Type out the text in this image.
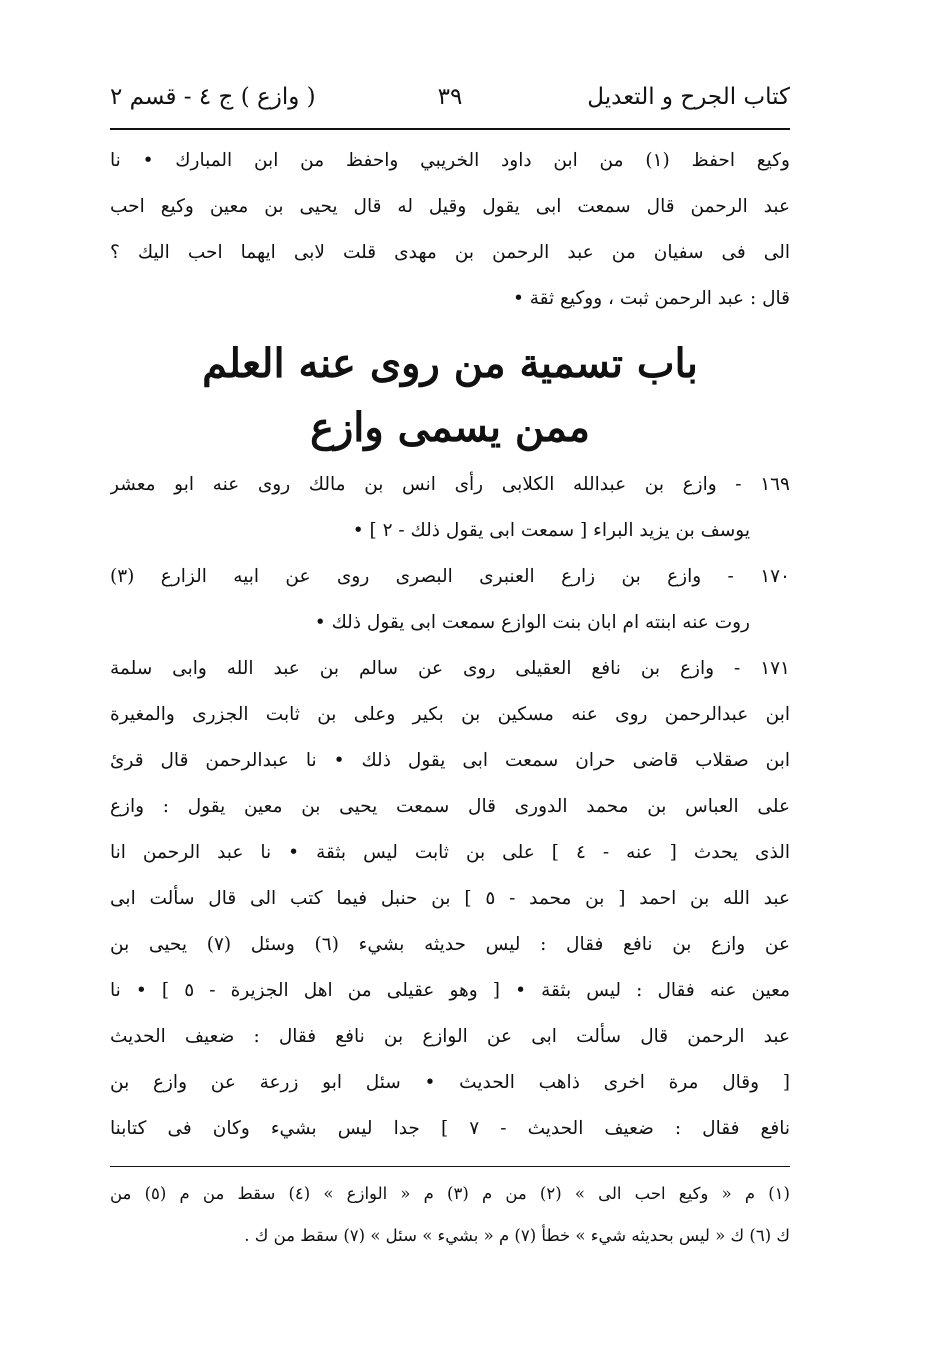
كتاب الجرح و التعديل
٣٩
( وازع ) ج ٤ - قسم ٢
وكيع احفظ (١) من ابن داود الخريبي واحفظ من ابن المبارك • نا
عبد الرحمن قال سمعت ابى يقول وقيل له قال يحيى بن معين وكيع احب
الى فى سفيان من عبد الرحمن بن مهدى قلت لابى ايهما احب اليك ؟
قال : عبد الرحمن ثبت ، ووكيع ثقة •
باب تسمية من روى عنه العلم
ممن يسمى وازع
١٦٩ - وازع بن عبدالله الكلابى رأى انس بن مالك روى عنه ابو معشر
يوسف بن يزيد البراء [ سمعت ابى يقول ذلك - ٢ ] •
١٧٠ - وازع بن زارع العنبرى البصرى روى عن ابيه الزارع (٣)
روت عنه ابنته ام ابان بنت الوازع سمعت ابى يقول ذلك •
١٧١ - وازع بن نافع العقيلى روى عن سالم بن عبد الله وابى سلمة
ابن عبدالرحمن روى عنه مسكين بن بكير وعلى بن ثابت الجزرى والمغيرة
ابن صقلاب قاضى حران سمعت ابى يقول ذلك • نا عبدالرحمن قال قرئ
على العباس بن محمد الدورى قال سمعت يحيى بن معين يقول : وازع
الذى يحدث [ عنه - ٤ ] على بن ثابت ليس بثقة • نا عبد الرحمن انا
عبد الله بن احمد [ بن محمد - ٥ ] بن حنبل فيما كتب الى قال سألت ابى
عن وازع بن نافع فقال : ليس حديثه بشيء (٦) وسئل (٧) يحيى بن
معين عنه فقال : ليس بثقة • [ وهو عقيلى من اهل الجزيرة - ٥ ] • نا
عبد الرحمن قال سألت ابى عن الوازع بن نافع فقال : ضعيف الحديث
[ وقال مرة اخرى ذاهب الحديث • سئل ابو زرعة عن وازع بن
نافع فقال : ضعيف الحديث - ٧ ] جدا ليس بشيء وكان فى كتابنا
(١) م « وكيع احب الى » (٢) من م (٣) م « الوازع » (٤) سقط من م (٥) من
ك (٦) ك « ليس بحديثه شيء » خطأ (٧) م « بشيء » سئل » (٧) سقط من ك .
